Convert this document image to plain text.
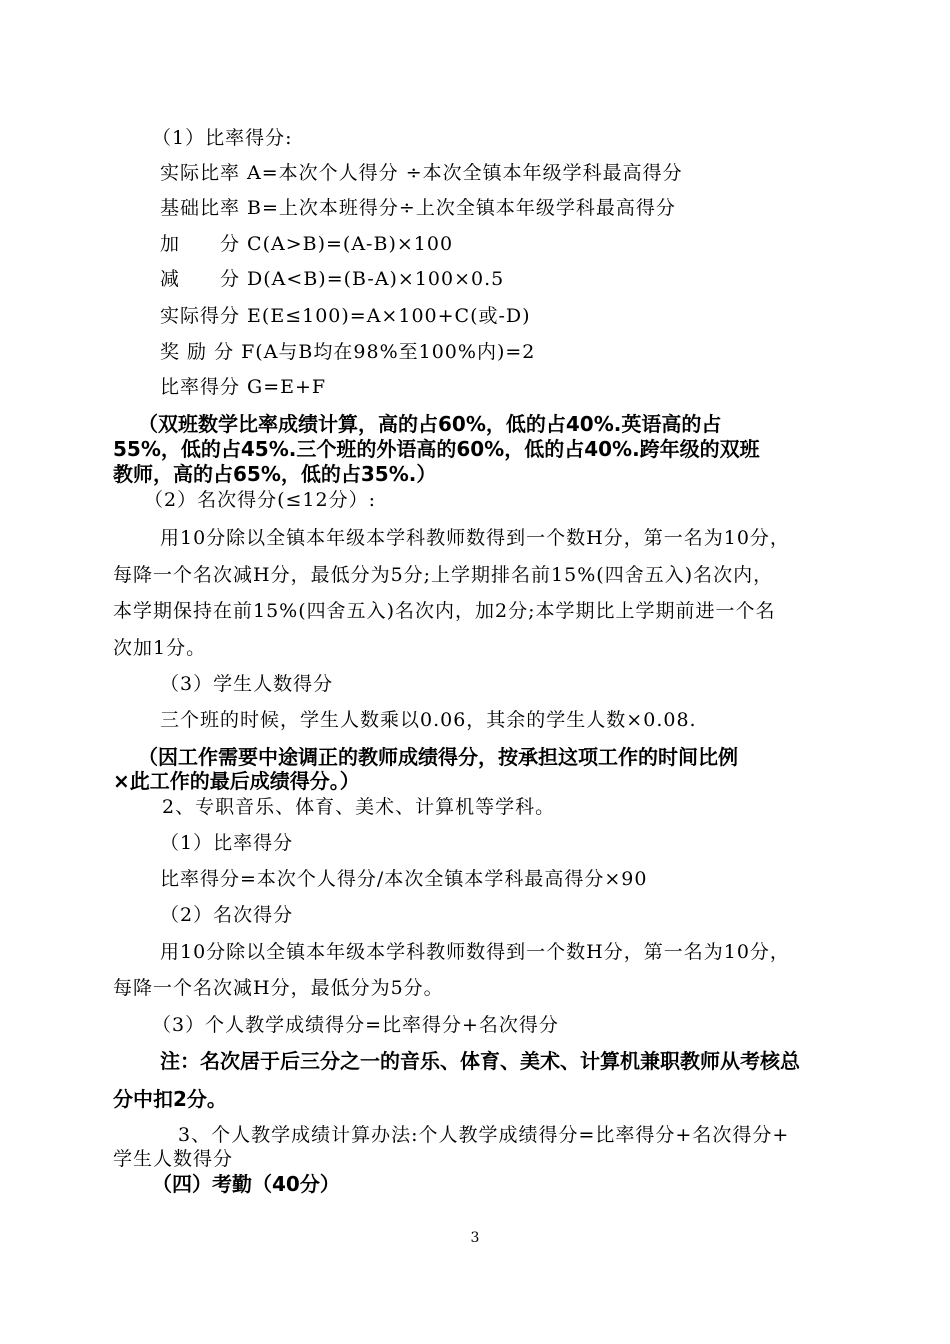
（1）比率得分:
实际比率 A=本次个人得分 ÷本次全镇本年级学科最高得分
基础比率 B=上次本班得分÷上次全镇本年级学科最高得分
加　　分 C(A>B)=(A-B)×100
减　　分 D(A<B)=(B-A)×100×0.5
实际得分 E(E≤100)=A×100+C(或-D)
奖 励 分 F(A与B均在98%至100%内)=2
比率得分 G=E+F
（双班数学比率成绩计算，高的占60%，低的占40%.英语高的占
55%，低的占45%.三个班的外语高的60%，低的占40%.跨年级的双班
教师，高的占65%，低的占35%.）
（2）名次得分(≤12分）:
用10分除以全镇本年级本学科教师数得到一个数H分，第一名为10分，
每降一个名次减H分，最低分为5分;上学期排名前15%(四舍五入)名次内，
本学期保持在前15%(四舍五入)名次内，加2分;本学期比上学期前进一个名
次加1分。
（3）学生人数得分
三个班的时候，学生人数乘以0.06，其余的学生人数×0.08.
（因工作需要中途调正的教师成绩得分，按承担这项工作的时间比例
×此工作的最后成绩得分。）
2、专职音乐、体育、美术、计算机等学科。
（1）比率得分
比率得分=本次个人得分/本次全镇本学科最高得分×90
（2）名次得分
用10分除以全镇本年级本学科教师数得到一个数H分，第一名为10分，
每降一个名次减H分，最低分为5分。
（3）个人教学成绩得分=比率得分+名次得分
注：名次居于后三分之一的音乐、体育、美术、计算机兼职教师从考核总
分中扣2分。
3、个人教学成绩计算办法:个人教学成绩得分=比率得分+名次得分+
学生人数得分
（四）考勤（40分）
3
